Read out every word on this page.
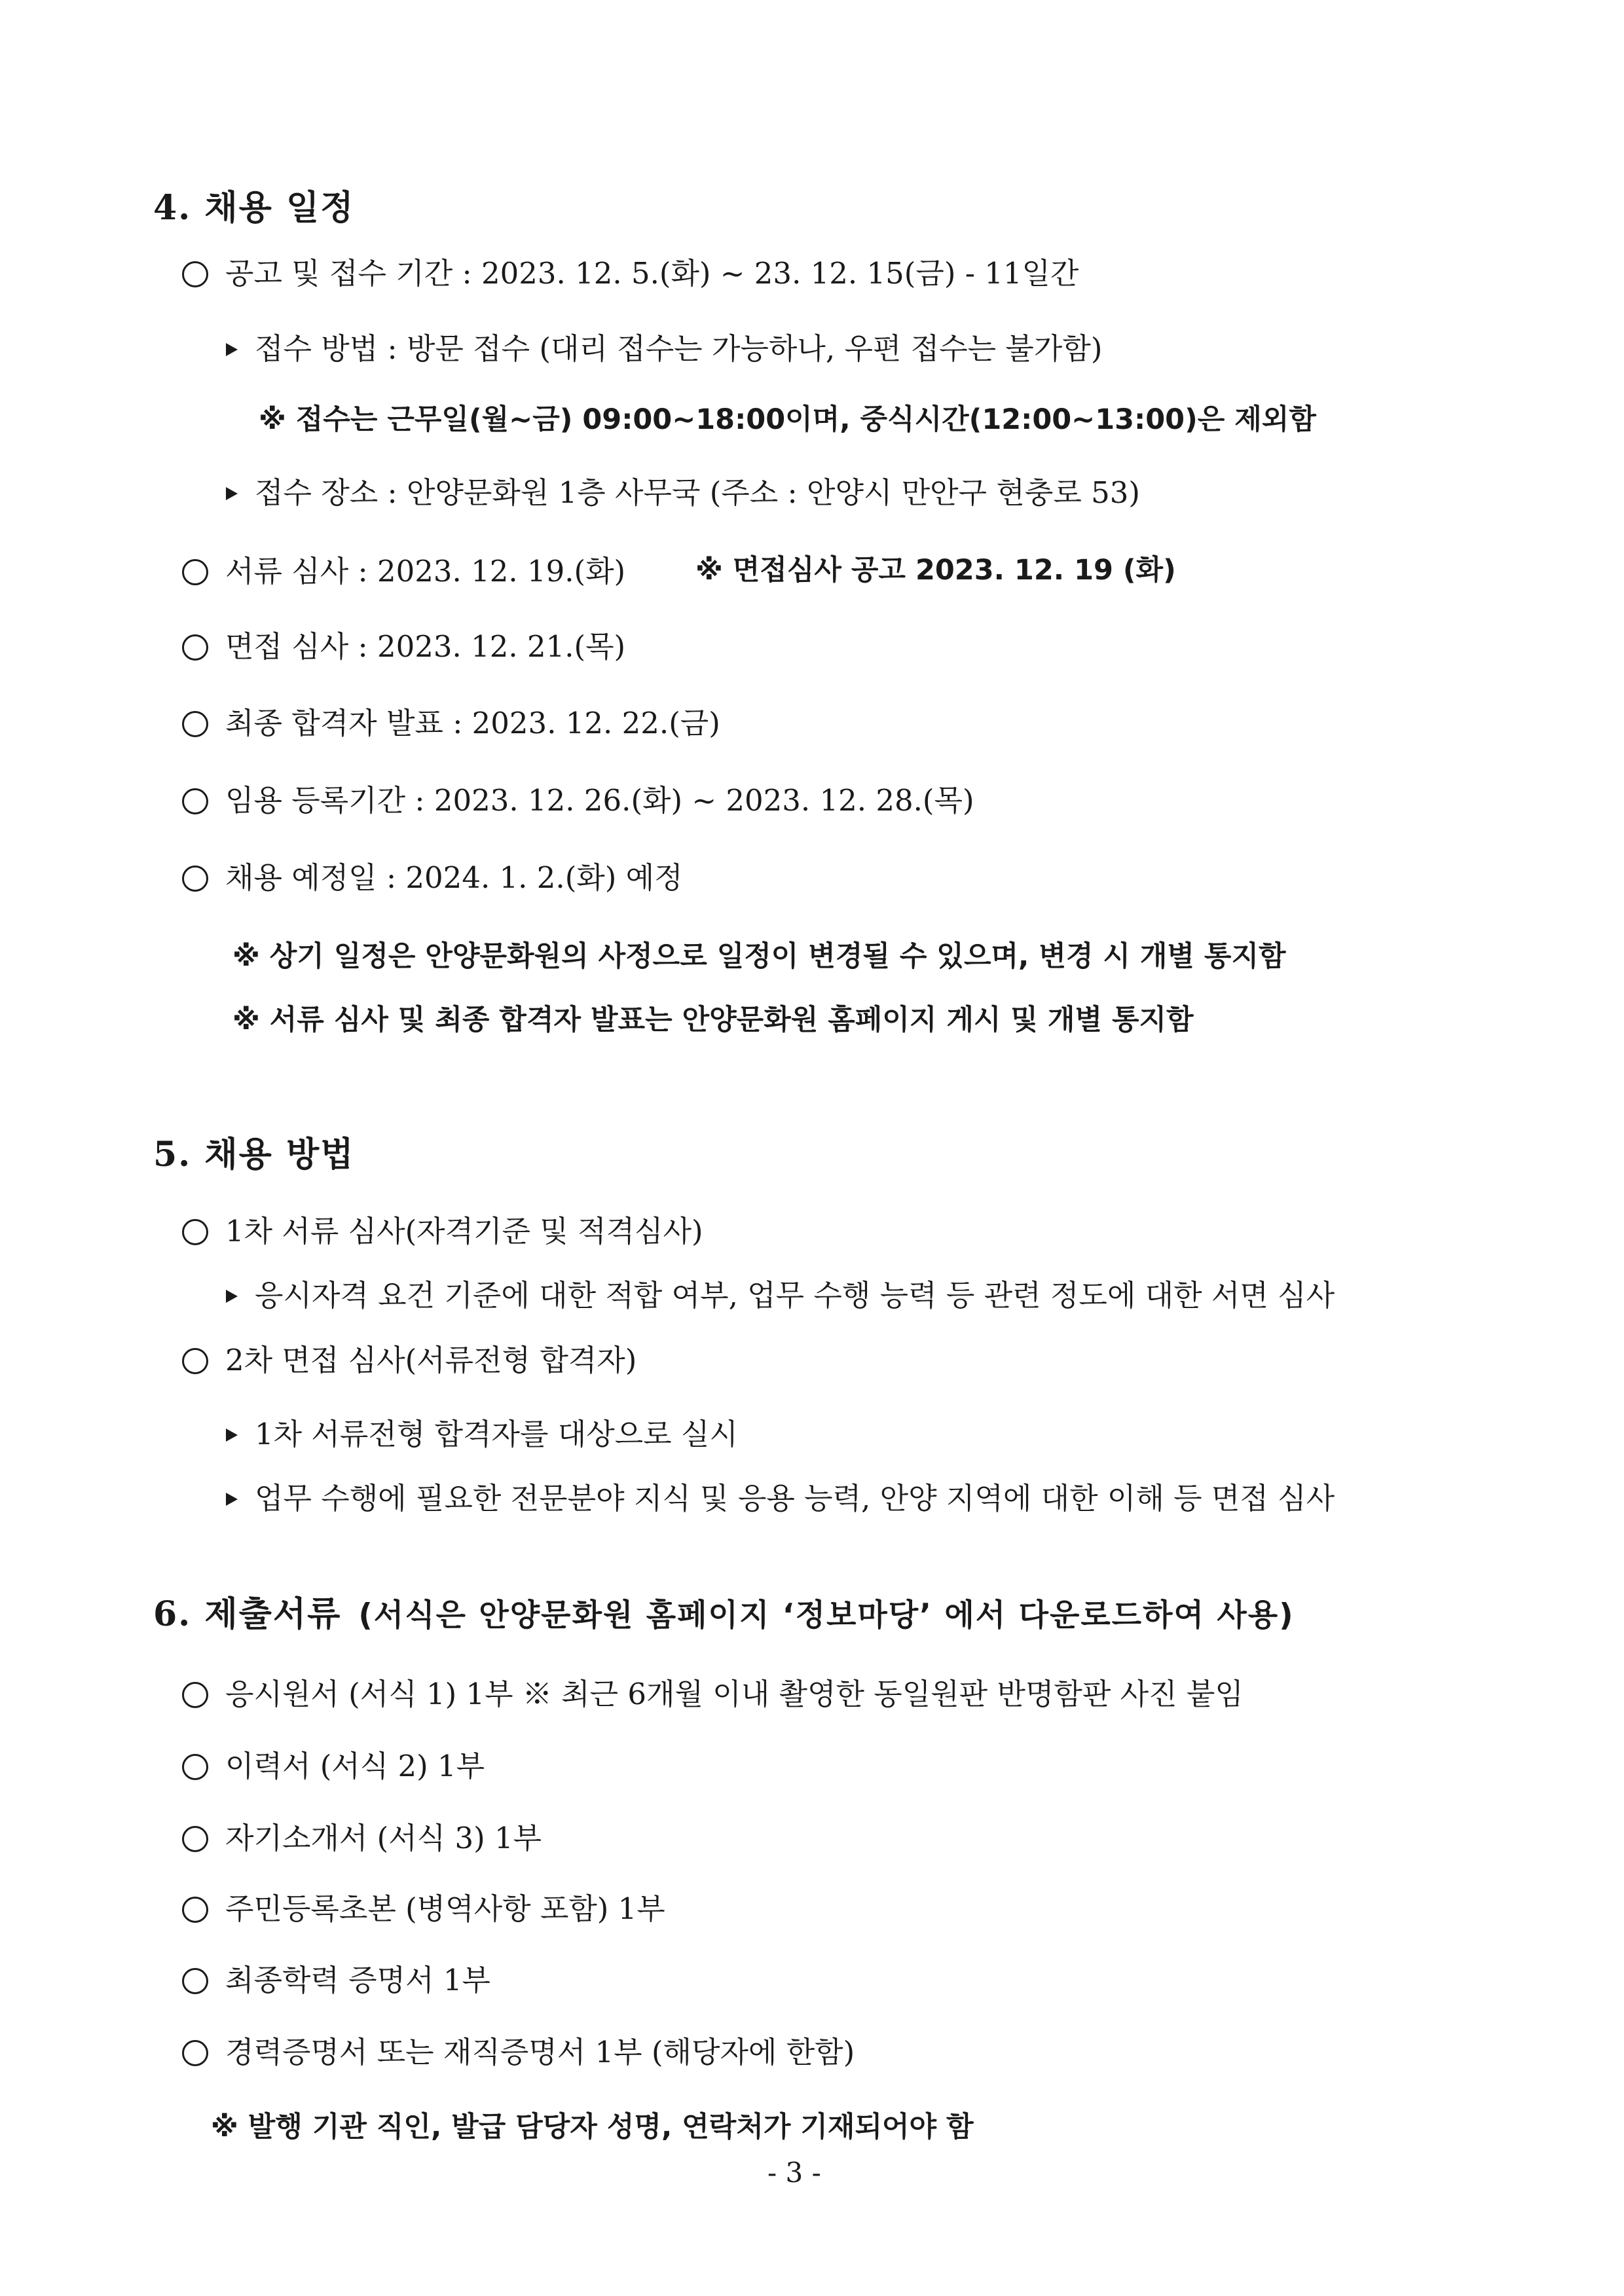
4. 채용 일정
공고 및 접수 기간 : 2023. 12. 5.(화) ~ 23. 12. 15(금) - 11일간
접수 방법 : 방문 접수 (대리 접수는 가능하나, 우편 접수는 불가함)
※ 접수는 근무일(월~금) 09:00~18:00이며, 중식시간(12:00~13:00)은 제외함
접수 장소 : 안양문화원 1층 사무국 (주소 : 안양시 만안구 현충로 53)
서류 심사 : 2023. 12. 19.(화) ※ 면접심사 공고 2023. 12. 19 (화)
면접 심사 : 2023. 12. 21.(목)
최종 합격자 발표 : 2023. 12. 22.(금)
임용 등록기간 : 2023. 12. 26.(화) ~ 2023. 12. 28.(목)
채용 예정일 : 2024. 1. 2.(화) 예정
※ 상기 일정은 안양문화원의 사정으로 일정이 변경될 수 있으며, 변경 시 개별 통지함
※ 서류 심사 및 최종 합격자 발표는 안양문화원 홈페이지 게시 및 개별 통지함
5. 채용 방법
1차 서류 심사(자격기준 및 적격심사)
응시자격 요건 기준에 대한 적합 여부, 업무 수행 능력 등 관련 정도에 대한 서면 심사
2차 면접 심사(서류전형 합격자)
1차 서류전형 합격자를 대상으로 실시
업무 수행에 필요한 전문분야 지식 및 응용 능력, 안양 지역에 대한 이해 등 면접 심사
6. 제출서류 (서식은 안양문화원 홈페이지 ‘정보마당’ 에서 다운로드하여 사용)
응시원서 (서식 1) 1부 ※ 최근 6개월 이내 촬영한 동일원판 반명함판 사진 붙임
이력서 (서식 2) 1부
자기소개서 (서식 3) 1부
주민등록초본 (병역사항 포함) 1부
최종학력 증명서 1부
경력증명서 또는 재직증명서 1부 (해당자에 한함)
※ 발행 기관 직인, 발급 담당자 성명, 연락처가 기재되어야 함
- 3 -
